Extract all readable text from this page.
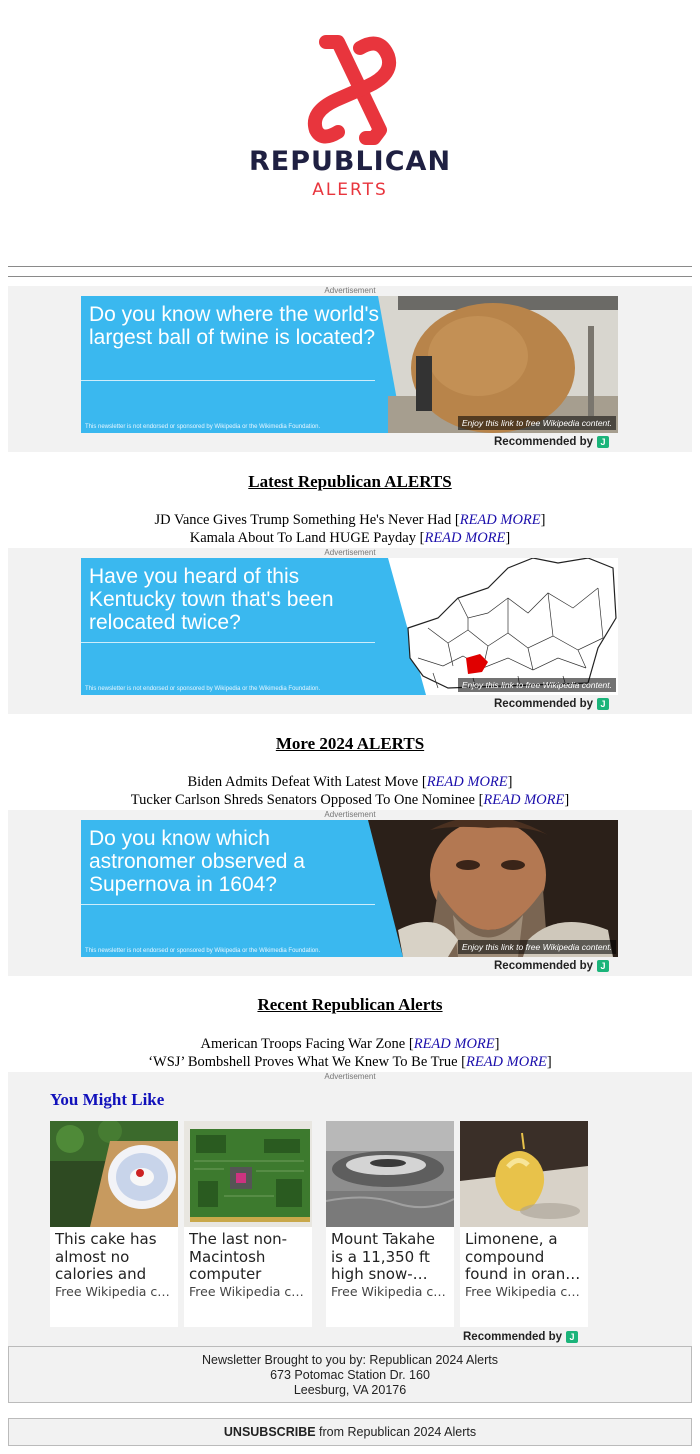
REPUBLICAN
ALERTS
Advertisement
Do you know where the world's largest ball of twine is located?
This newsletter is not endorsed or sponsored by Wikipedia or the Wikimedia Foundation.	Enjoy this link to free Wikipedia content.
Recommended by J
Latest Republican ALERTS
JD Vance Gives Trump Something He's Never Had [READ MORE]
Kamala About To Land HUGE Payday [READ MORE]
Advertisement
Have you heard of this Kentucky town that's been relocated twice?
This newsletter is not endorsed or sponsored by Wikipedia or the Wikimedia Foundation.	Enjoy this link to free Wikipedia content.
Recommended by J
More 2024 ALERTS
Biden Admits Defeat With Latest Move [READ MORE]
Tucker Carlson Shreds Senators Opposed To One Nominee [READ MORE]
Advertisement
Do you know which astronomer observed a Supernova in 1604?
This newsletter is not endorsed or sponsored by Wikipedia or the Wikimedia Foundation.	Enjoy this link to free Wikipedia content.
Recommended by J
Recent Republican Alerts
American Troops Facing War Zone [READ MORE]
‘WSJ’ Bombshell Proves What We Knew To Be True [READ MORE]
Advertisement
You Might Like
This cake has almost no calories and
Free Wikipedia c…
The last non-Macintosh computer
Free Wikipedia c…
Mount Takahe is a 11,350 ft high snow-…
Free Wikipedia c…
Limonene, a compound found in oran…
Free Wikipedia c…
Recommended by J
Newsletter Brought to you by: Republican 2024 Alerts
673 Potomac Station Dr. 160
Leesburg, VA 20176
UNSUBSCRIBE from Republican 2024 Alerts
